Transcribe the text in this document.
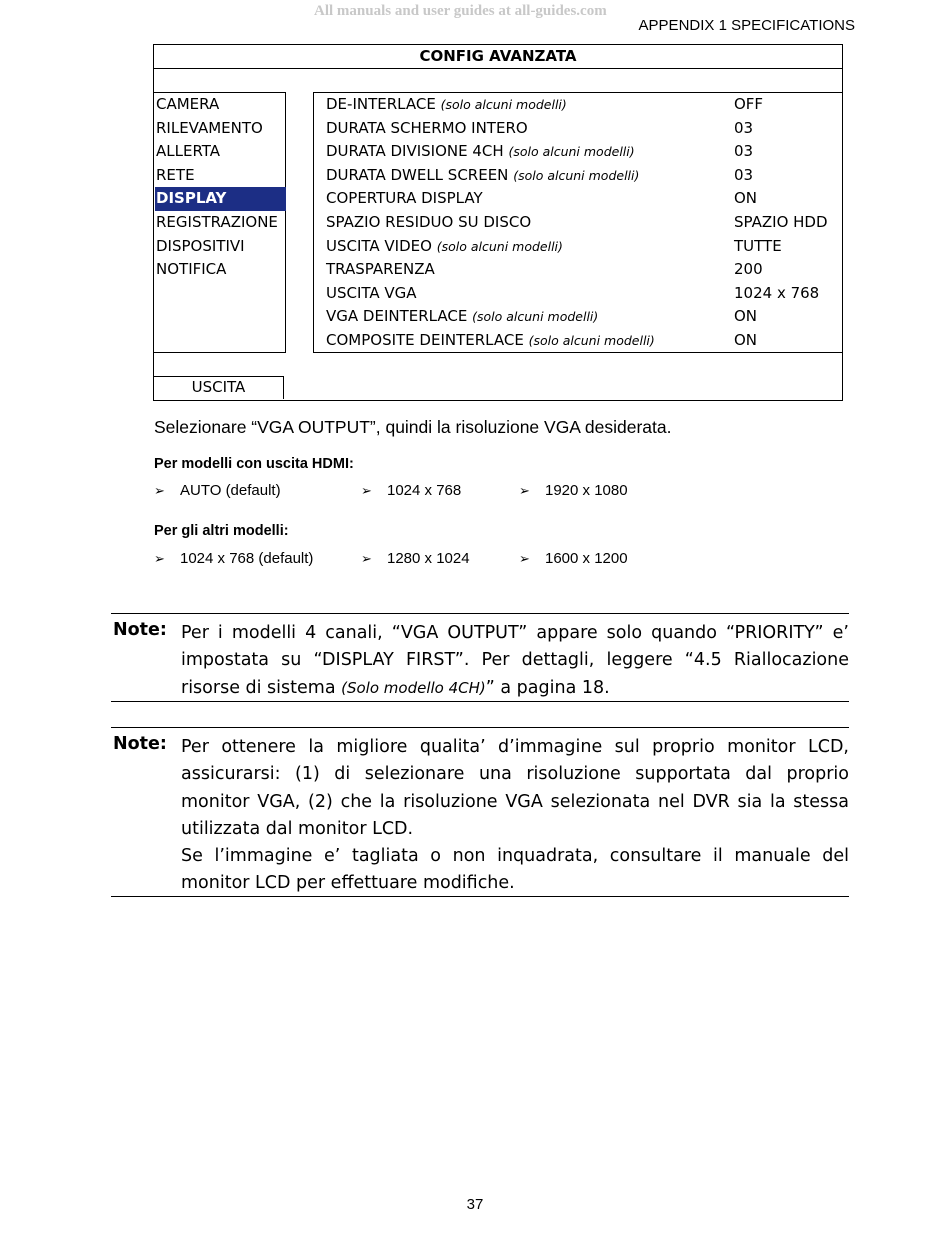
All manuals and user guides at all-guides.com
APPENDIX 1 SPECIFICATIONS
CONFIG AVANZATA
CAMERA
RILEVAMENTO
ALLERTA
RETE
DISPLAY
REGISTRAZIONE
DISPOSITIVI
NOTIFICA
DE-INTERLACE (solo alcuni modelli)	OFF
DURATA SCHERMO INTERO	03
DURATA DIVISIONE 4CH (solo alcuni modelli)	03
DURATA DWELL SCREEN (solo alcuni modelli)	03
COPERTURA DISPLAY	ON
SPAZIO RESIDUO SU DISCO	SPAZIO HDD
USCITA VIDEO (solo alcuni modelli)	TUTTE
TRASPARENZA	200
USCITA VGA	1024 x 768
VGA DEINTERLACE (solo alcuni modelli)	ON
COMPOSITE DEINTERLACE (solo alcuni modelli)	ON
USCITA
Selezionare “VGA OUTPUT”, quindi la risoluzione VGA desiderata.
Per modelli con uscita HDMI:
➢ AUTO (default)	➢ 1024 x 768	➢ 1920 x 1080
Per gli altri modelli:
➢ 1024 x 768 (default)	➢ 1280 x 1024	➢ 1600 x 1200
Note: Per i modelli 4 canali, “VGA OUTPUT” appare solo quando “PRIORITY” e’ impostata su “DISPLAY FIRST”. Per dettagli, leggere “4.5 Riallocazione risorse di sistema (Solo modello 4CH)” a pagina 18.
Note: Per ottenere la migliore qualita’ d’immagine sul proprio monitor LCD, assicurarsi: (1) di selezionare una risoluzione supportata dal proprio monitor VGA, (2) che la risoluzione VGA selezionata nel DVR sia la stessa utilizzata dal monitor LCD.

Se l’immagine e’ tagliata o non inquadrata, consultare il manuale del monitor LCD per effettuare modifiche.

37
